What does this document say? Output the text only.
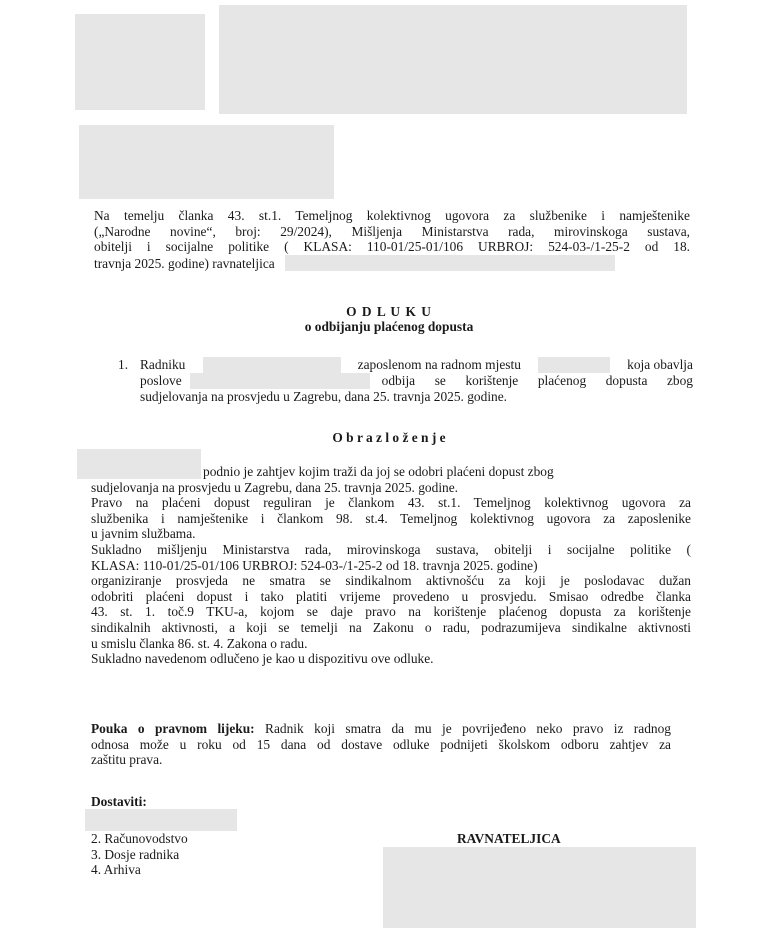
Na temelju članka 43. st.1. Temeljnog kolektivnog ugovora za službenike i namještenike

(„Narodne novine“, broj: 29/2024), Mišljenja Ministarstva rada, mirovinskoga sustava,

obitelji i socijalne politike ( KLASA: 110-01/25-01/106 URBROJ: 524-03-/1-25-2 od 18.

travnja 2025. godine) ravnateljica

O D L U K U
o odbijanju plaćenog dopusta
1. Radniku	zaposlenom na radnom mjestu	koja obavlja

poslove	odbija se korištenje plaćenog dopusta zbog

sudjelovanja na prosvjedu u Zagrebu, dana 25. travnja 2025. godine.

O b r a z l o ž e n j e

podnio je zahtjev kojim traži da joj se odobri plaćeni dopust zbog

sudjelovanja na prosvjedu u Zagrebu, dana 25. travnja 2025. godine.

Pravo na plaćeni dopust reguliran je člankom 43. st.1. Temeljnog kolektivnog ugovora za

službenika i namještenike i člankom 98. st.4. Temeljnog kolektivnog ugovora za zaposlenike

u javnim službama.

Sukladno mišljenju Ministarstva rada, mirovinskoga sustava, obitelji i socijalne politike (

KLASA: 110-01/25-01/106 URBROJ: 524-03-/1-25-2 od 18. travnja 2025. godine)

organiziranje prosvjeda ne smatra se sindikalnom aktivnošću za koji je poslodavac dužan

odobriti plaćeni dopust i tako platiti vrijeme provedeno u prosvjedu. Smisao odredbe članka

43. st. 1. toč.9 TKU-a, kojom se daje pravo na korištenje plaćenog dopusta za korištenje

sindikalnih aktivnosti, a koji se temelji na Zakonu o radu, podrazumijeva sindikalne aktivnosti

u smislu članka 86. st. 4. Zakona o radu.

Sukladno navedenom odlučeno je kao u dispozitivu ove odluke.

Pouka o pravnom lijeku: Radnik koji smatra da mu je povrijeđeno neko pravo iz radnog

odnosa može u roku od 15 dana od dostave odluke podnijeti školskom odboru zahtjev za

zaštitu prava.

Dostaviti:

2. Računovodstvo

3. Dosje radnika

4. Arhiva

RAVNATELJICA
